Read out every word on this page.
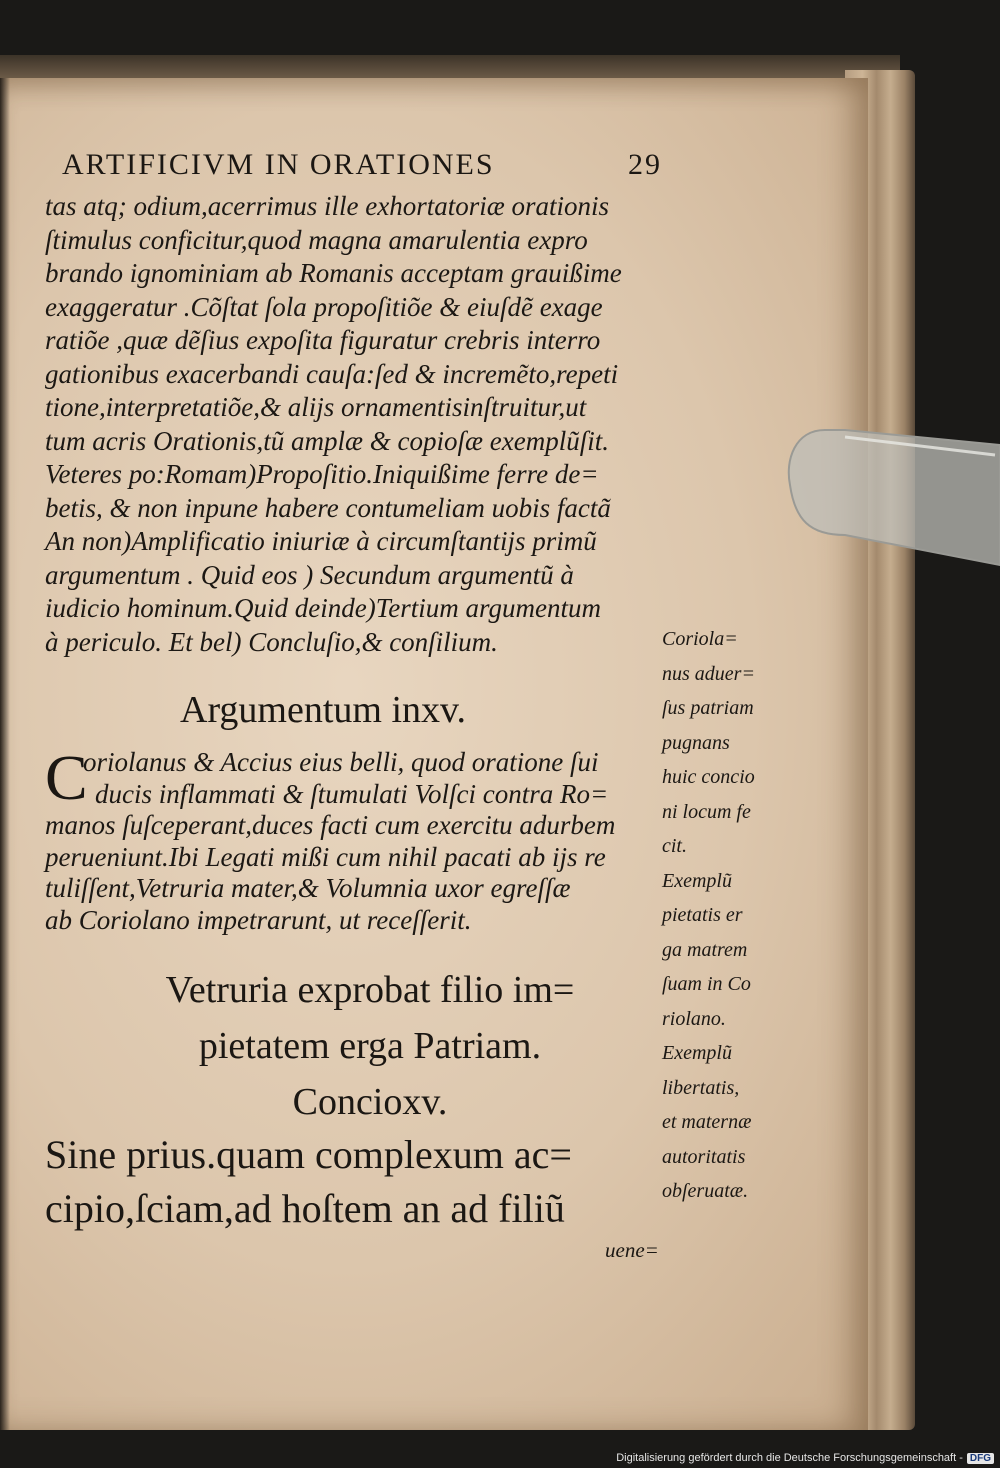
ARTIFICIVM IN ORATIONES	29
tas atq; odium,acerrimus ille exhortatoriæ orationis
ſtimulus conficitur,quod magna amarulentia expro
brando ignominiam ab Romanis acceptam grauißime
exaggeratur .Cõſtat ſola propoſitiõe & eiuſdẽ exage
ratiõe ,quæ dẽſius expoſita figuratur crebris interro
gationibus exacerbandi cauſa:ſed & incremẽto,repeti
tione,interpretatiõe,& alijs ornamentisinſtruitur,ut
tum acris Orationis,tũ amplæ & copioſæ exemplũſit.
Veteres po:Romam)Propoſitio.Iniquißime ferre de=
betis, & non inpune habere contumeliam uobis factã
An non)Amplificatio iniuriæ à circumſtantijs primũ
argumentum . Quid eos ) Secundum argumentũ à
iudicio hominum.Quid deinde)Tertium argumentum
à periculo. Et bel) Concluſio,& conſilium.
Argumentum inxv.
C
oriolanus & Accius eius belli, quod oratione ſui
ducis inflammati & ſtumulati Volſci contra Ro=
manos ſuſceperant,duces facti cum exercitu adurbem
perueniunt.Ibi Legati mißi cum nihil pacati ab ijs re
tuliſſent,Vetruria mater,& Volumnia uxor egreſſæ
ab Coriolano impetrarunt, ut receſſerit.
Vetruria exprobat filio im=
pietatem erga Patriam.
Concioxv.
Sine prius.quam complexum ac=
cipio,ſciam,ad hoſtem an ad filiũ
Coriola=
nus aduer=
ſus patriam
pugnans
huic concio
ni locum fe
cit.
Exemplũ
pietatis er
ga matrem
ſuam in Co
riolano.
Exemplũ
libertatis,
et maternæ
autoritatis
obſeruatæ.
uene=
Digitalisierung gefördert durch die Deutsche Forschungsgemeinschaft - DFG
